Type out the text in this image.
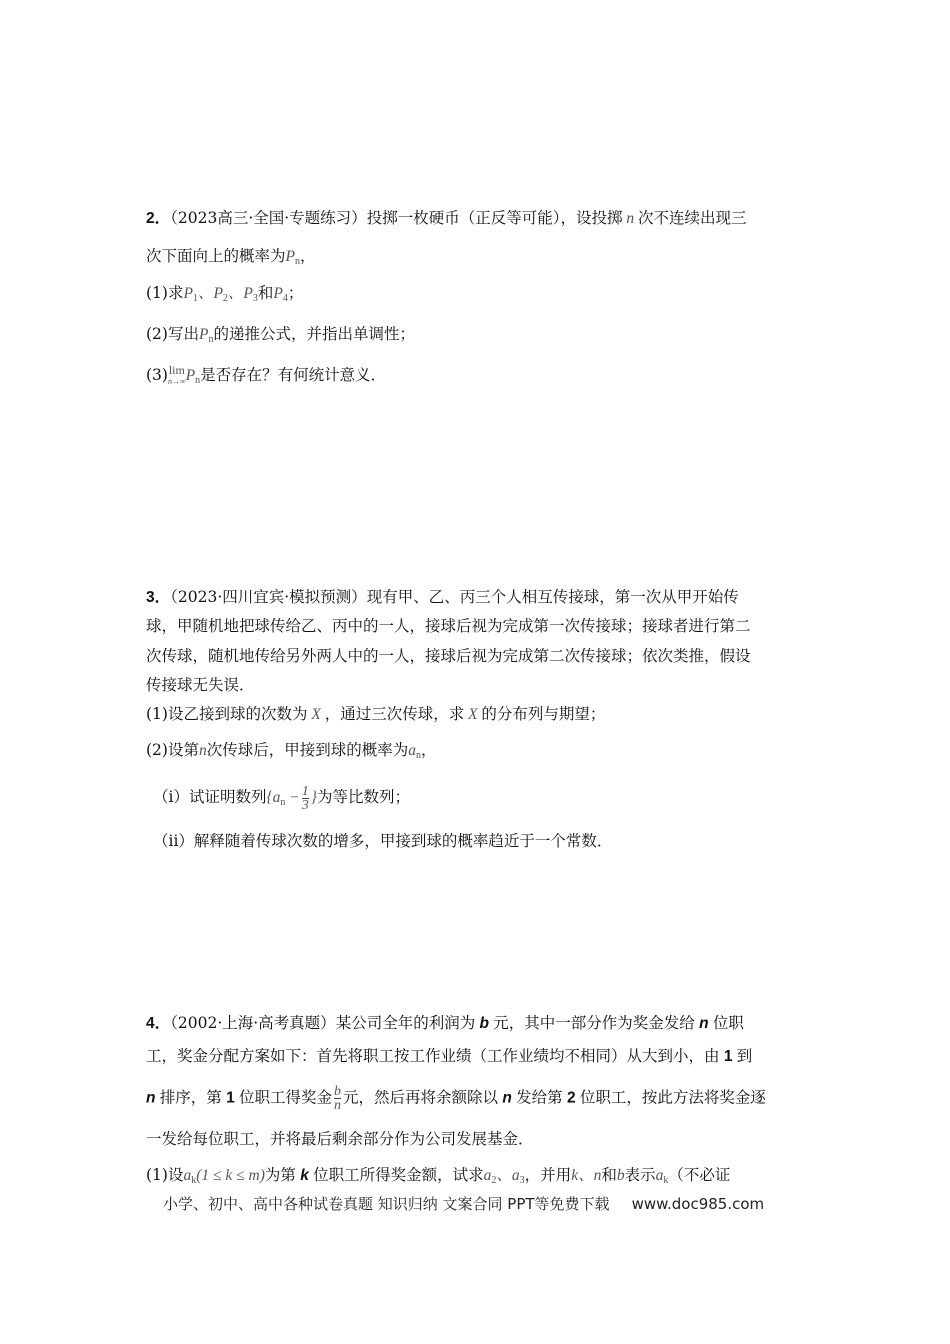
2．（2023高三·全国·专题练习）投掷一枚硬币（正反等可能），设投掷 n 次不连续出现三
次下面向上的概率为Pn，
(1)求P1、P2、P3和P4；
(2)写出Pn的递推公式，并指出单调性；
(3) lim
n→∞ Pn是否存在？有何统计意义．
3．（2023·四川宜宾·模拟预测）现有甲、乙、丙三个人相互传接球，第一次从甲开始传
球，甲随机地把球传给乙、丙中的一人，接球后视为完成第一次传接球；接球者进行第二
次传球，随机地传给另外两人中的一人，接球后视为完成第二次传接球；依次类推，假设
传接球无失误．
(1)设乙接到球的次数为 X ，通过三次传球，求 X 的分布列与期望；
(2)设第n次传球后，甲接到球的概率为an，
（i）试证明数列{$an - \frac{1}{3}$ }为等比数列；
（ii）解释随着传球次数的增多，甲接到球的概率趋近于一个常数．
4．（2002·上海·高考真题）某公司全年的利润为 b 元，其中一部分作为奖金发给 n 位职
工，奖金分配方案如下：首先将职工按工作业绩（工作业绩均不相同）从大到小，由 1 到
n 排序，第 1 位职工得奖金 $\frac{b}{n}$ 元，然后再将余额除以 n 发给第 2 位职工，按此方法将奖金逐
一发给每位职工，并将最后剩余部分作为公司发展基金．
(1)设ak(1 ≤ k ≤ m)为第 k 位职工所得奖金额，试求a2、a3，并用k、n和b表示ak（不必证
小学、初中、高中各种试卷真题 知识归纳 文案合同 PPT等免费下载 www.doc985.com
